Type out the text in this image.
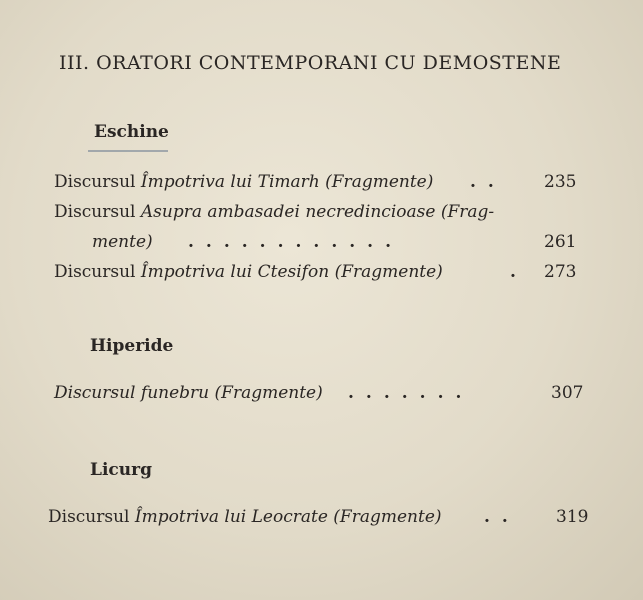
III. ORATORI CONTEMPORANI CU DEMOSTENE
Eschine
Discursul Împotriva lui Timarh (Fragmente) .. 235
Discursul Asupra ambasadei necredincioase (Frag-
mente) ............	261
Discursul Împotriva lui Ctesifon (Fragmente)	. 273
Hiperide
Discursul funebru (Fragmente) .......	307
Licurg
Discursul Împotriva lui Leocrate (Fragmente) .. 319
